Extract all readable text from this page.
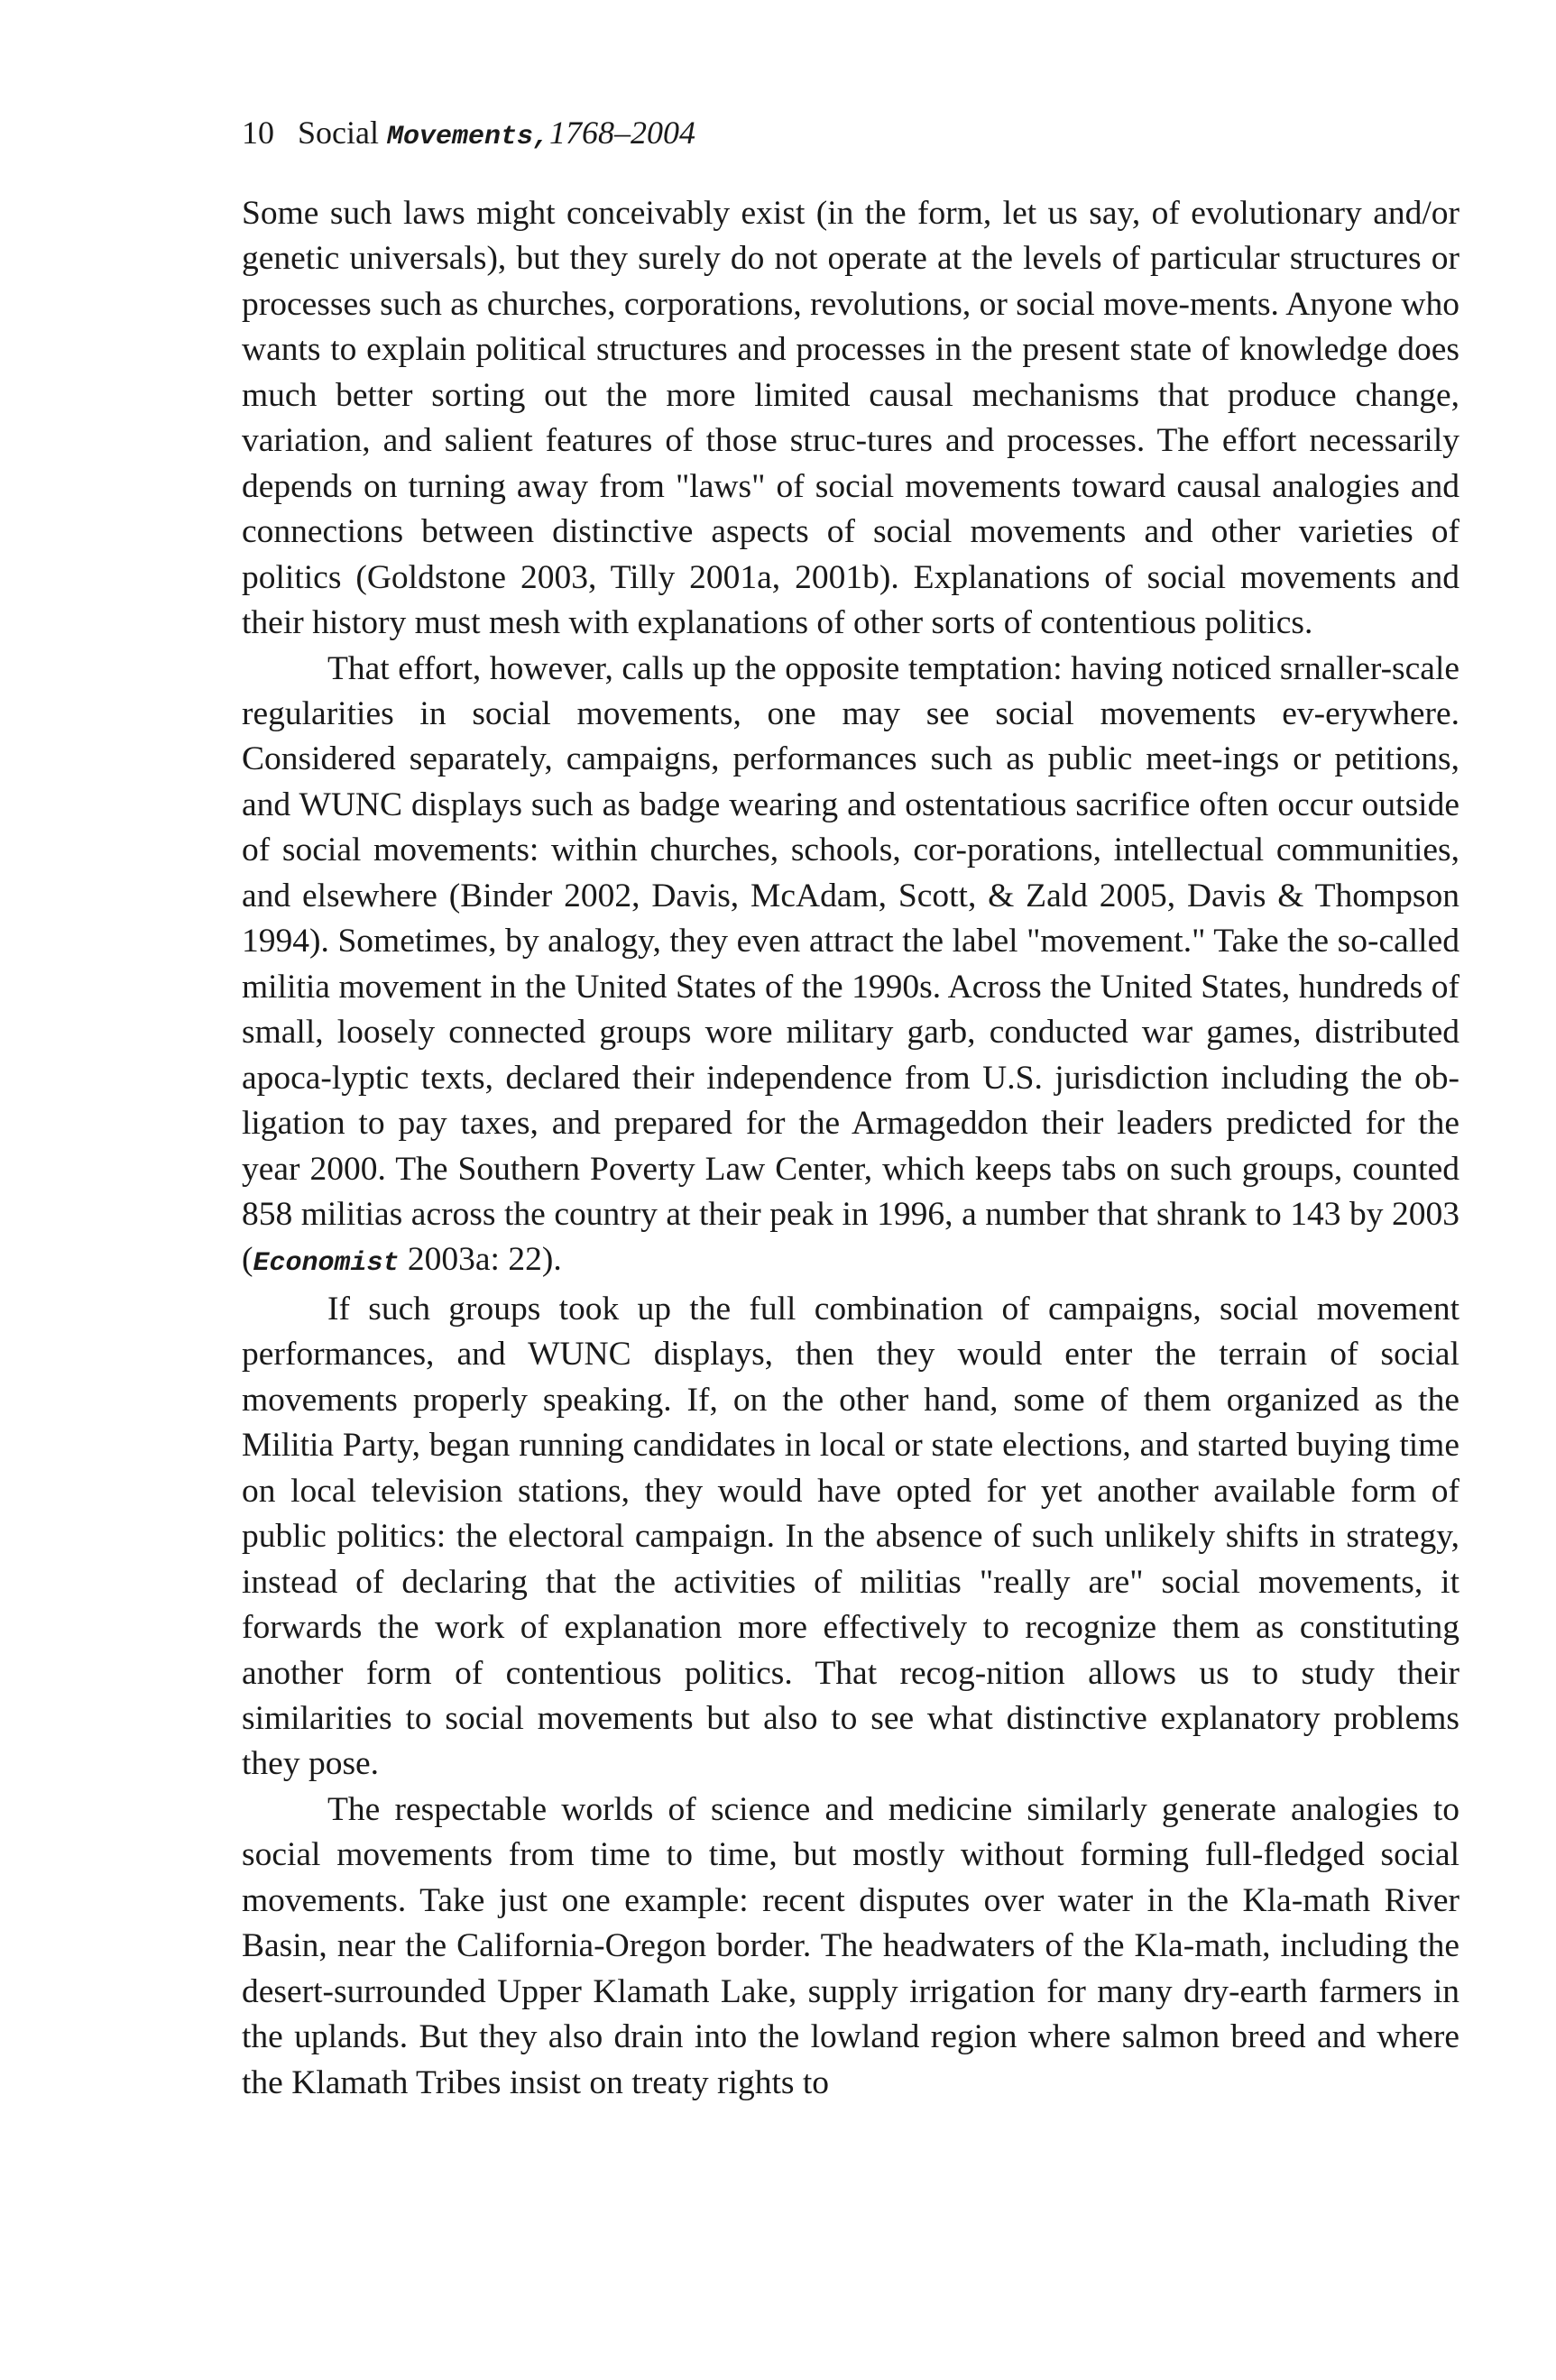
10 Social Movements,1768–2004

Some such laws might conceivably exist (in the form, let us say, of evolutionary and/or genetic universals), but they surely do not operate at the levels of particular structures or processes such as churches, corporations, revolutions, or social move-ments. Anyone who wants to explain political structures and processes in the present state of knowledge does much better sorting out the more limited causal mechanisms that produce change, variation, and salient features of those struc-tures and processes. The effort necessarily depends on turning away from "laws" of social movements toward causal analogies and connections between distinctive aspects of social movements and other varieties of politics (Goldstone 2003, Tilly 2001a, 2001b). Explanations of social movements and their history must mesh with explanations of other sorts of contentious politics.

That effort, however, calls up the opposite temptation: having noticed srnaller-scale regularities in social movements, one may see social movements ev-erywhere. Considered separately, campaigns, performances such as public meet-ings or petitions, and WUNC displays such as badge wearing and ostentatious sacrifice often occur outside of social movements: within churches, schools, cor-porations, intellectual communities, and elsewhere (Binder 2002, Davis, McAdam, Scott, & Zald 2005, Davis & Thompson 1994). Sometimes, by analogy, they even attract the label "movement." Take the so-called militia movement in the United States of the 1990s. Across the United States, hundreds of small, loosely connected groups wore military garb, conducted war games, distributed apoca-lyptic texts, declared their independence from U.S. jurisdiction including the ob-ligation to pay taxes, and prepared for the Armageddon their leaders predicted for the year 2000. The Southern Poverty Law Center, which keeps tabs on such groups, counted 858 militias across the country at their peak in 1996, a number that shrank to 143 by 2003 (Economist 2003a: 22).

If such groups took up the full combination of campaigns, social movement performances, and WUNC displays, then they would enter the terrain of social movements properly speaking. If, on the other hand, some of them organized as the Militia Party, began running candidates in local or state elections, and started buying time on local television stations, they would have opted for yet another available form of public politics: the electoral campaign. In the absence of such unlikely shifts in strategy, instead of declaring that the activities of militias "really are" social movements, it forwards the work of explanation more effectively to recognize them as constituting another form of contentious politics. That recog-nition allows us to study their similarities to social movements but also to see what distinctive explanatory problems they pose.

The respectable worlds of science and medicine similarly generate analogies to social movements from time to time, but mostly without forming full-fledged social movements. Take just one example: recent disputes over water in the Kla-math River Basin, near the California-Oregon border. The headwaters of the Kla-math, including the desert-surrounded Upper Klamath Lake, supply irrigation for many dry-earth farmers in the uplands. But they also drain into the lowland region where salmon breed and where the Klamath Tribes insist on treaty rights to
